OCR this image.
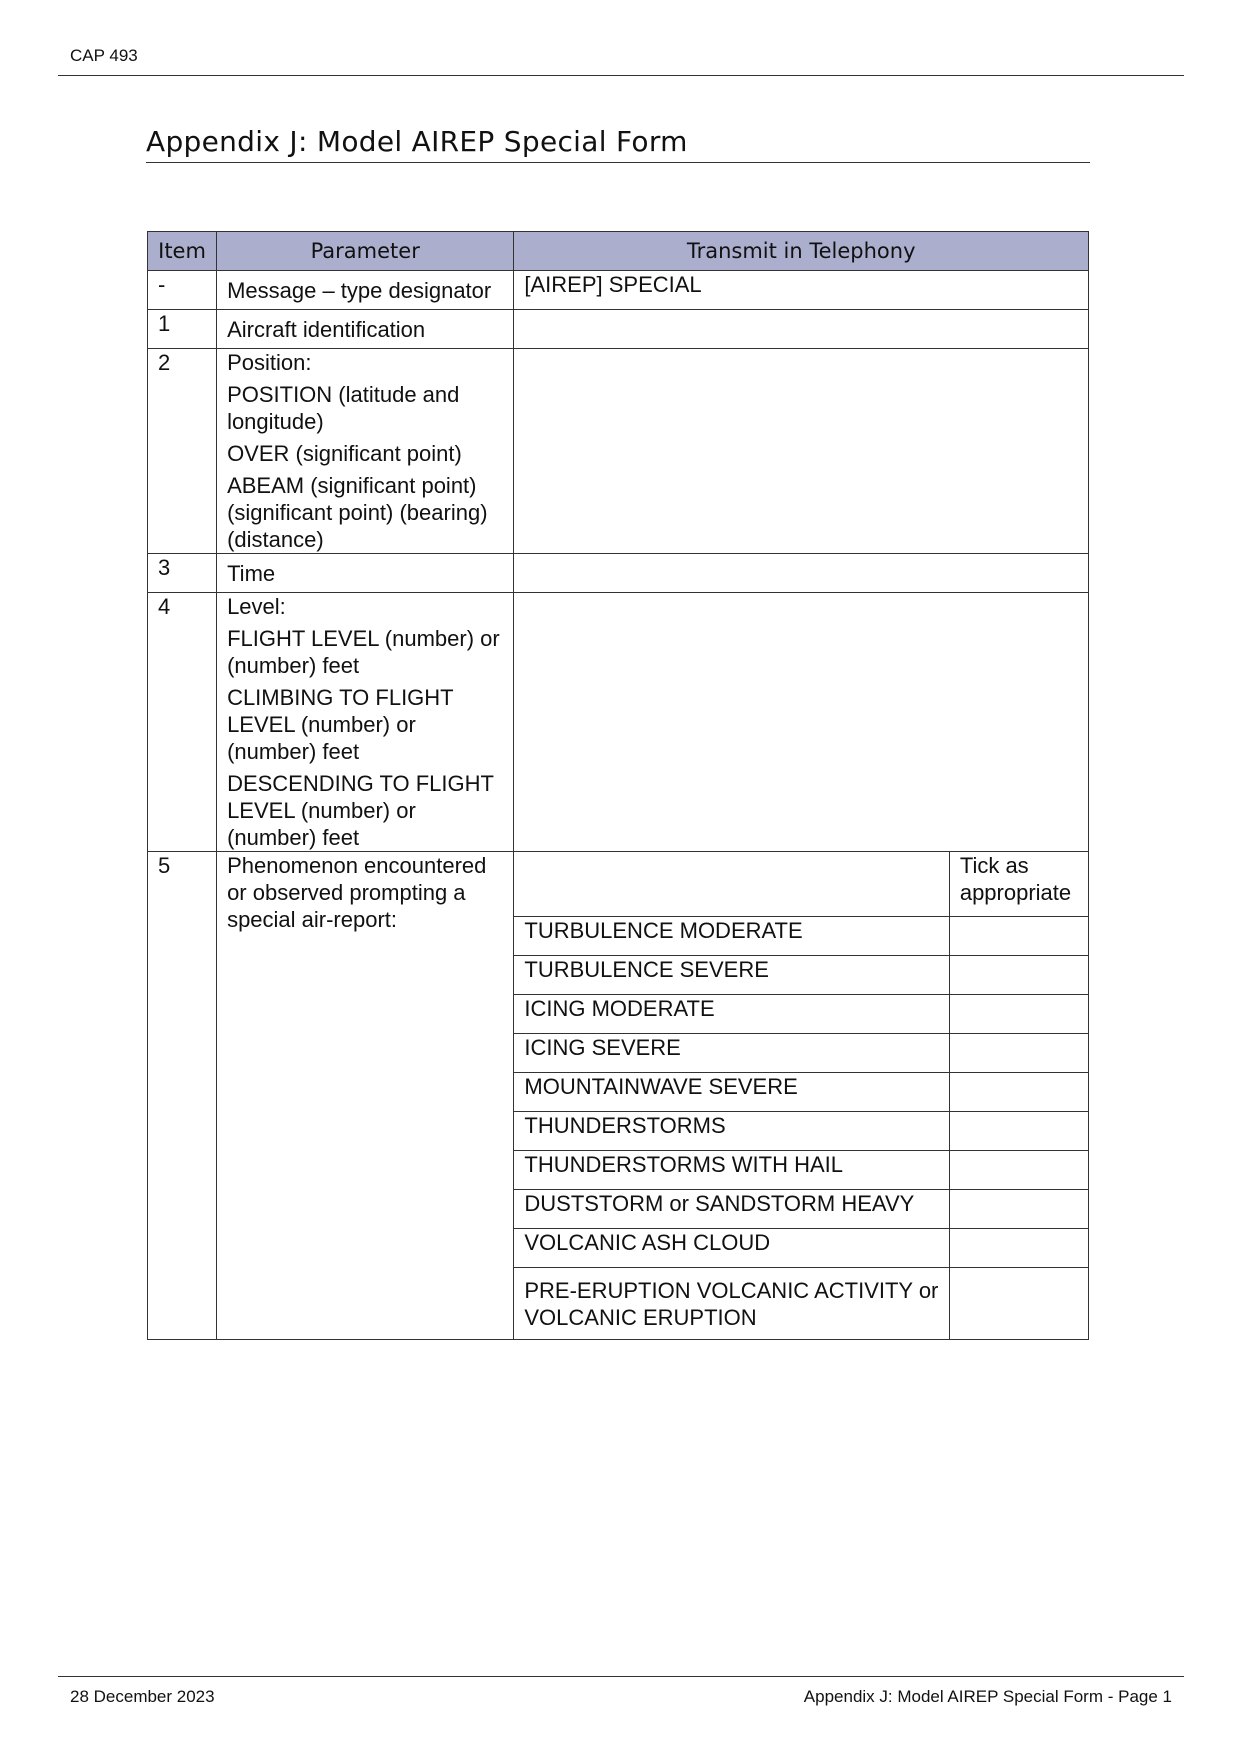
CAP 493
Appendix J: Model AIREP Special Form
Item	Parameter	Transmit in Telephony	
-	Message – type designator	[AIREP] SPECIAL	
1	Aircraft identification		

2	Position:

POSITION (latitude and longitude)

OVER (significant point)

ABEAM (significant point) (significant point) (bearing) (distance)		

3	Time		

4	Level:

FLIGHT LEVEL (number) or (number) feet

CLIMBING TO FLIGHT LEVEL (number) or (number) feet

DESCENDING TO FLIGHT LEVEL (number) or (number) feet		

5	Phenomenon encountered or observed prompting a special air-report:		Tick as appropriate
		TURBULENCE MODERATE	
		TURBULENCE SEVERE	
		ICING MODERATE	
		ICING SEVERE	
		MOUNTAINWAVE SEVERE	
		THUNDERSTORMS	
		THUNDERSTORMS WITH HAIL	
		DUSTSTORM or SANDSTORM HEAVY	
		VOLCANIC ASH CLOUD	
		PRE-ERUPTION VOLCANIC ACTIVITY or VOLCANIC ERUPTION	
28 December 2023	Appendix J: Model AIREP Special Form - Page 1
